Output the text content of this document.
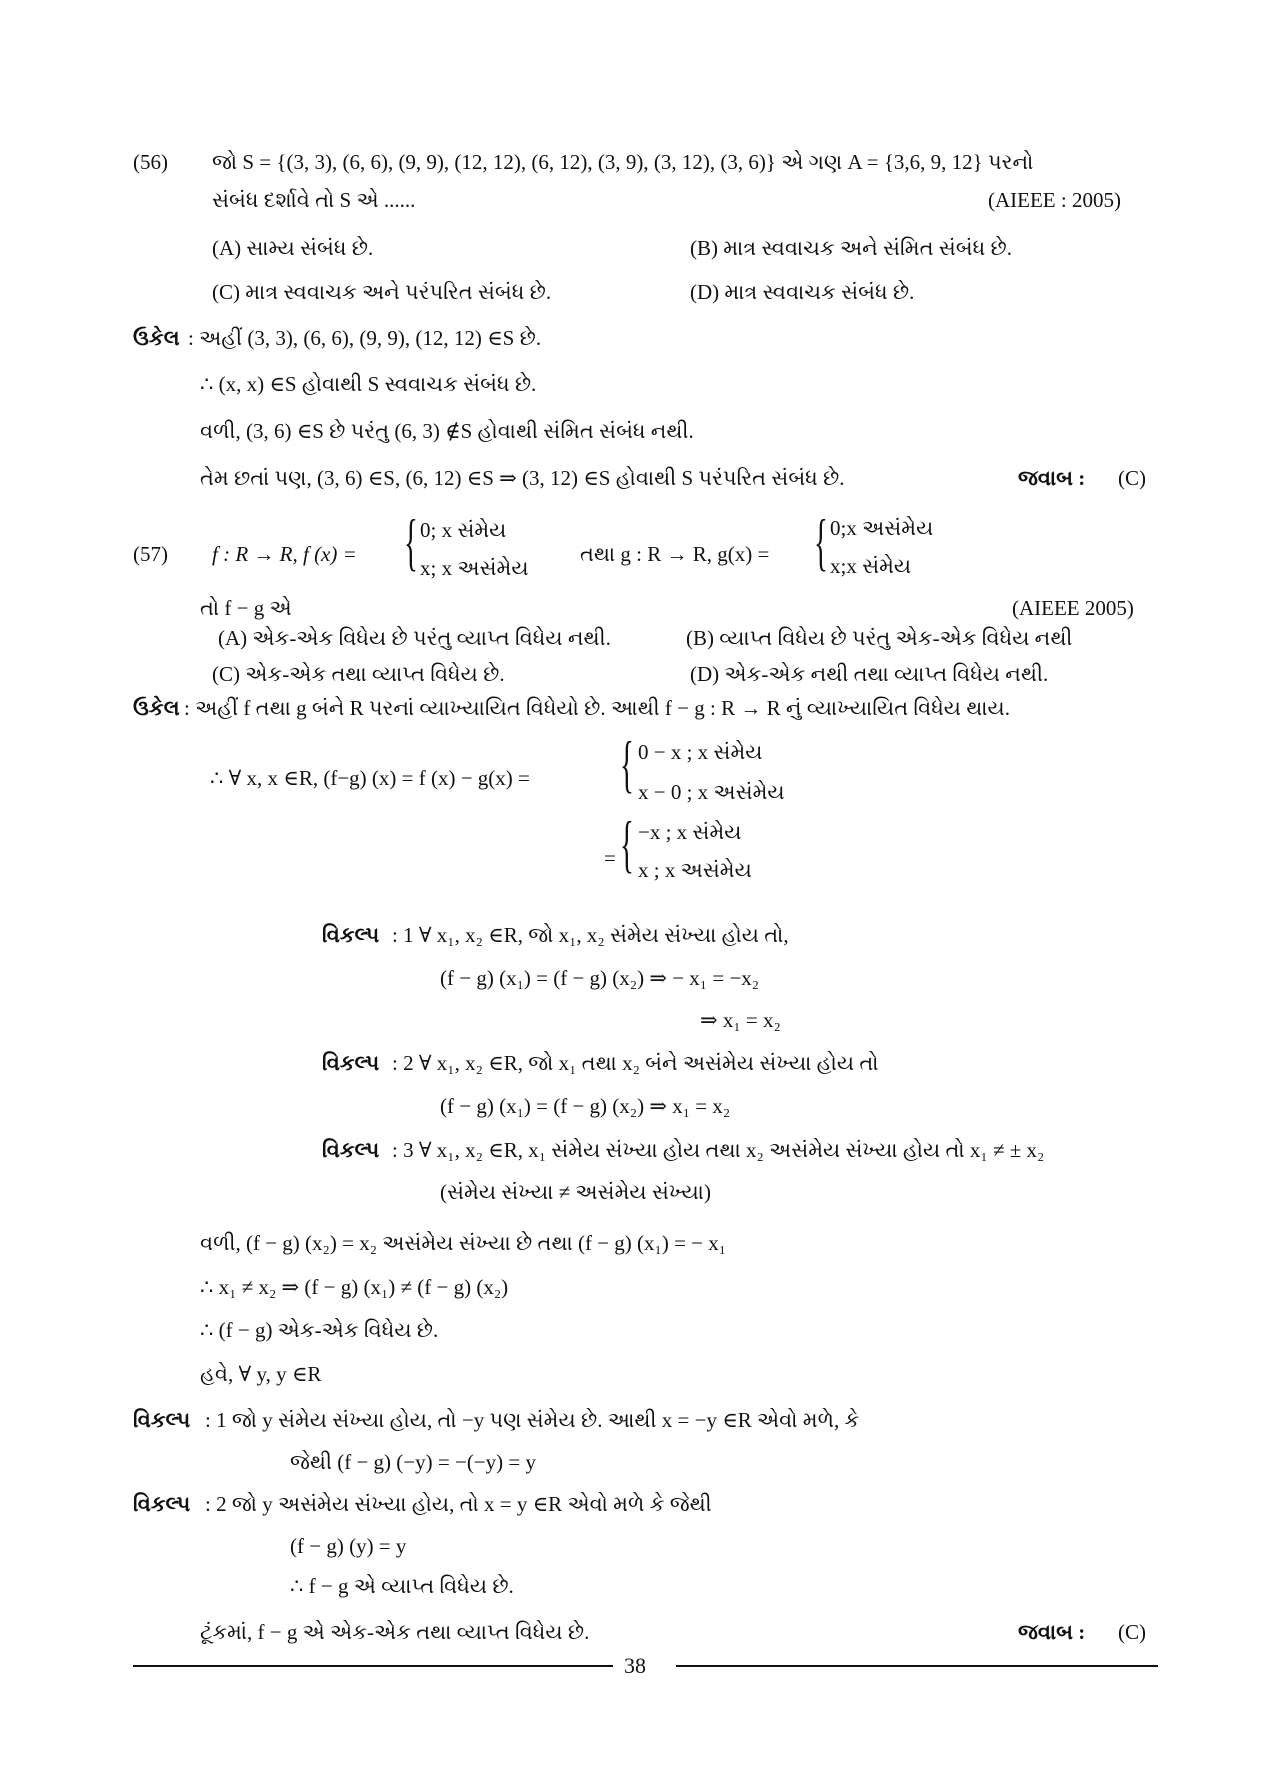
(56) જો S = {(3, 3), (6, 6), (9, 9), (12, 12), (6, 12), (3, 9), (3, 12), (3, 6)} એ ગણ A = {3,6, 9, 12} પરનો
સંબંધ દર્શાવે તો S એ ......	(AIEEE : 2005)
(A) સામ્ય સંબંધ છે.	(B) માત્ર સ્વવાચક અને સંમિત સંબંધ છે.
(C) માત્ર સ્વવાચક અને પરંપરિત સંબંધ છે.	(D) માત્ર સ્વવાચક સંબંધ છે.
ઉકેલ : અહીં (3, 3), (6, 6), (9, 9), (12, 12) ∈S છે.
∴ (x, x) ∈S હોવાથી S સ્વવાચક સંબંધ છે.
વળી, (3, 6) ∈S છે પરંતુ (6, 3) ∉S હોવાથી સંમિત સંબંધ નથી.
તેમ છતાં પણ, (3, 6) ∈S, (6, 12) ∈S ⇒ (3, 12) ∈S હોવાથી S પરંપરિત સંબંધ છે.	જવાબ : (C)
(57) f : R → R, f (x) = { 0; x સંમેય
x; x અસંમેય
તથા g : R → R, g(x) = { 0;x અસંમેય
x;x સંમેય
તો f − g એ	(AIEEE 2005)
(A) એક-એક વિધેય છે પરંતુ વ્યાપ્ત વિધેય નથી.	(B) વ્યાપ્ત વિધેય છે પરંતુ એક-એક વિધેય નથી
(C) એક-એક તથા વ્યાપ્ત વિધેય છે.	(D) એક-એક નથી તથા વ્યાપ્ત વિધેય નથી.
ઉકેલ : અહીં f તથા g બંને R પરનાં વ્યાખ્યાયિત વિધેયો છે. આથી f − g : R → R નું વ્યાખ્યાયિત વિધેય થાય.
∴ ∀ x, x ∈R, (f−g) (x) = f (x) − g(x) = { 0 − x ; x સંમેય
x − 0 ; x અસંમેય
= { −x ; x સંમેય
x ; x અસંમેય
વિકલ્પ : 1 ∀ x₁, x₂ ∈R, જો x₁, x₂ સંમેય સંખ્યા હોય તો,
(f − g) (x₁) = (f − g) (x₂) ⇒ − x₁ = −x₂
⇒ x₁ = x₂
વિકલ્પ : 2 ∀ x₁, x₂ ∈R, જો x₁ તથા x₂ બંને અસંમેય સંખ્યા હોય તો
(f − g) (x₁) = (f − g) (x₂) ⇒ x₁ = x₂
વિકલ્પ : 3 ∀ x₁, x₂ ∈R, x₁ સંમેય સંખ્યા હોય તથા x₂ અસંમેય સંખ્યા હોય તો x₁ ≠ ± x₂
(સંમેય સંખ્યા ≠ અસંમેય સંખ્યા)
વળી, (f − g) (x₂) = x₂ અસંમેય સંખ્યા છે તથા (f − g) (x₁) = − x₁
∴ x₁ ≠ x₂ ⇒ (f − g) (x₁) ≠ (f − g) (x₂)
∴ (f − g) એક-એક વિધેય છે.
હવે, ∀ y, y ∈R
વિકલ્પ : 1 જો y સંમેય સંખ્યા હોય, તો −y પણ સંમેય છે. આથી x = −y ∈R એવો મળે, કે
જેથી (f − g) (−y) = −(−y) = y
વિકલ્પ : 2 જો y અસંમેય સંખ્યા હોય, તો x = y ∈R એવો મળે કે જેથી
(f − g) (y) = y
∴ f − g એ વ્યાપ્ત વિધેય છે.
ટૂંકમાં, f − g એ એક-એક તથા વ્યાપ્ત વિધેય છે.	જવાબ : (C)
38
